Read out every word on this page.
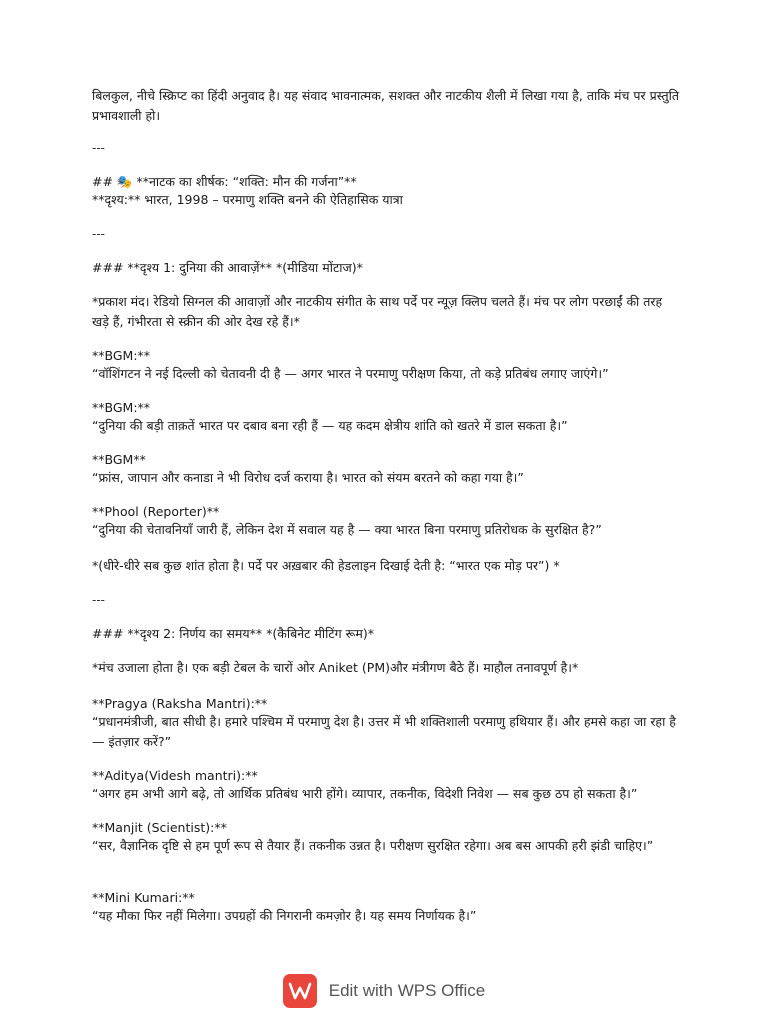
बिलकुल, नीचे स्क्रिप्ट का हिंदी अनुवाद है। यह संवाद भावनात्मक, सशक्त और नाटकीय शैली में लिखा गया है, ताकि मंच पर प्रस्तुति प्रभावशाली हो।
---
## 🎭 **नाटक का शीर्षक: “शक्ति: मौन की गर्जना”**
**दृश्य:** भारत, 1998 – परमाणु शक्ति बनने की ऐतिहासिक यात्रा
---
### **दृश्य 1: दुनिया की आवाज़ें** *(मीडिया मोंटाज)*
*प्रकाश मंद। रेडियो सिग्नल की आवाज़ों और नाटकीय संगीत के साथ पर्दे पर न्यूज़ क्लिप चलते हैं। मंच पर लोग परछाईं की तरह खड़े हैं, गंभीरता से स्क्रीन की ओर देख रहे हैं।*
**BGM:**
“वॉशिंगटन ने नई दिल्ली को चेतावनी दी है — अगर भारत ने परमाणु परीक्षण किया, तो कड़े प्रतिबंध लगाए जाएंगे।”
**BGM:**
“दुनिया की बड़ी ताक़तें भारत पर दबाव बना रही हैं — यह कदम क्षेत्रीय शांति को खतरे में डाल सकता है।”
**BGM**
“फ्रांस, जापान और कनाडा ने भी विरोध दर्ज कराया है। भारत को संयम बरतने को कहा गया है।”
**Phool (Reporter)**
“दुनिया की चेतावनियाँ जारी हैं, लेकिन देश में सवाल यह है — क्या भारत बिना परमाणु प्रतिरोधक के सुरक्षित है?”
*(धीरे-धीरे सब कुछ शांत होता है। पर्दे पर अख़बार की हेडलाइन दिखाई देती है: “भारत एक मोड़ पर”) *
---
### **दृश्य 2: निर्णय का समय** *(कैबिनेट मीटिंग रूम)*
*मंच उजाला होता है। एक बड़ी टेबल के चारों ओर Aniket (PM)और मंत्रीगण बैठे हैं। माहौल तनावपूर्ण है।*
**Pragya (Raksha Mantri):**
“प्रधानमंत्रीजी, बात सीधी है। हमारे पश्चिम में परमाणु देश है। उत्तर में भी शक्तिशाली परमाणु हथियार हैं। और हमसे कहा जा रहा है — इंतज़ार करें?”
**Aditya(Videsh mantri):**
“अगर हम अभी आगे बढ़े, तो आर्थिक प्रतिबंध भारी होंगे। व्यापार, तकनीक, विदेशी निवेश — सब कुछ ठप हो सकता है।”
**Manjit (Scientist):**
“सर, वैज्ञानिक दृष्टि से हम पूर्ण रूप से तैयार हैं। तकनीक उन्नत है। परीक्षण सुरक्षित रहेगा। अब बस आपकी हरी झंडी चाहिए।”
**Mini Kumari:**
“यह मौका फिर नहीं मिलेगा। उपग्रहों की निगरानी कमज़ोर है। यह समय निर्णायक है।”
Edit with WPS Office
